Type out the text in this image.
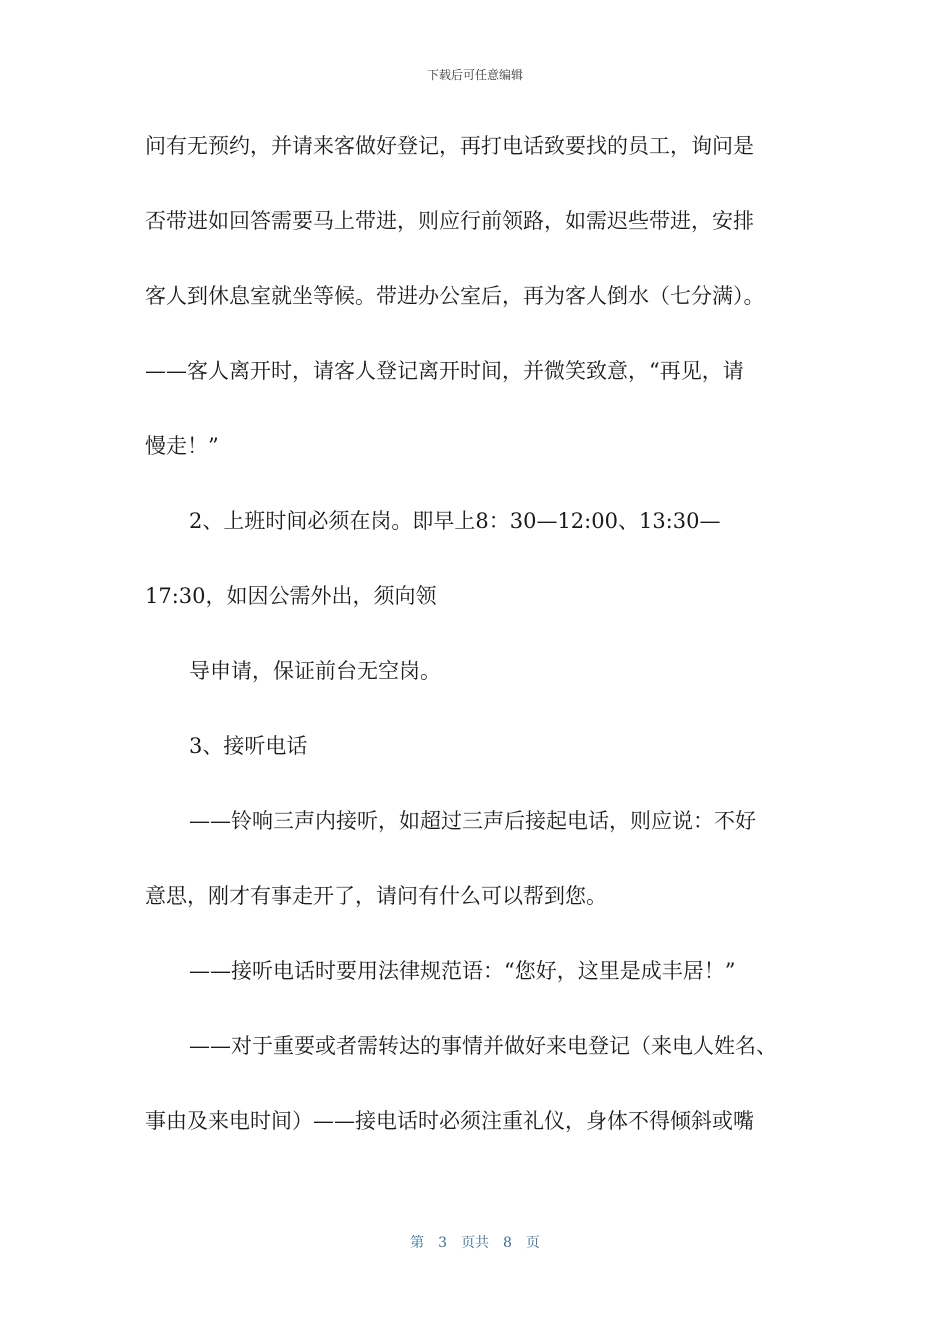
下载后可任意编辑
问有无预约，并请来客做好登记，再打电话致要找的员工，询问是
否带进如回答需要马上带进，则应行前领路，如需迟些带进，安排
客人到休息室就坐等候。带进办公室后，再为客人倒水（七分满）。
——客人离开时，请客人登记离开时间，并微笑致意，“再见，请
慢走！”
2、上班时间必须在岗。即早上8：30—12:00、13:30—
17:30，如因公需外出，须向领
导申请，保证前台无空岗。
3、接听电话
——铃响三声内接听，如超过三声后接起电话，则应说：不好
意思，刚才有事走开了，请问有什么可以帮到您。
——接听电话时要用法律规范语：“您好，这里是成丰居！”
——对于重要或者需转达的事情并做好来电登记（来电人姓名、
事由及来电时间）——接电话时必须注重礼仪，身体不得倾斜或嘴
第 3 页共 8 页
